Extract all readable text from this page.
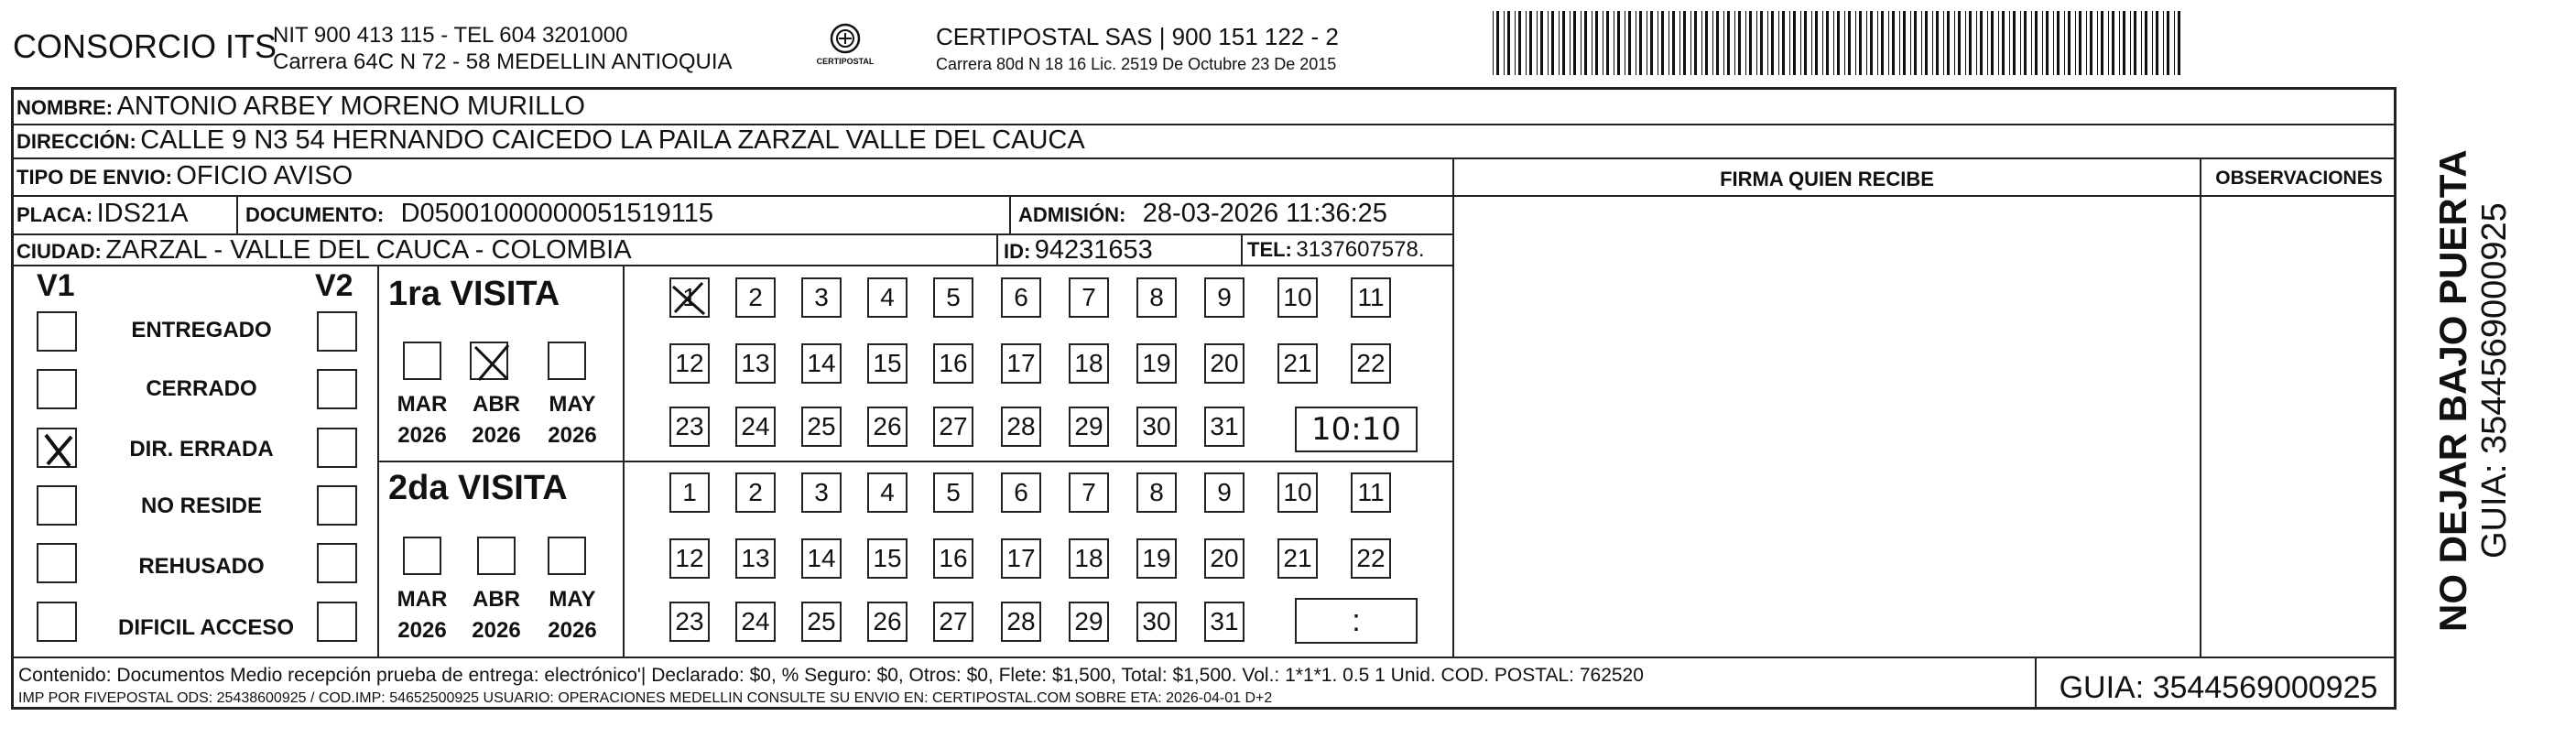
CONSORCIO ITS
NIT 900 413 115 - TEL 604 3201000
Carrera 64C N 72 - 58 MEDELLIN ANTIOQUIA	CERTIPOSTAL
CERTIPOSTAL SAS | 900 151 122 - 2
Carrera 80d N 18 16 Lic. 2519 De Octubre 23 De 2015
NOMBRE: ANTONIO ARBEY MORENO MURILLO
DIRECCIÓN: CALLE 9 N3 54 HERNANDO CAICEDO LA PAILA ZARZAL VALLE DEL CAUCA
TIPO DE ENVIO: OFICIO AVISO
PLACA: IDS21A	DOCUMENTO: D05001000000051519115	ADMISIÓN: 28-03-2026 11:36:25
CIUDAD: ZARZAL - VALLE DEL CAUCA - COLOMBIA	ID: 94231653	TEL: 3137607578.
FIRMA QUIEN RECIBE	OBSERVACIONES
V1	V2
ENTREGADO
CERRADO
DIR. ERRADA
NO RESIDE
REHUSADO
DIFICIL ACCESO
1ra VISITA
2da VISITA
MAR ABR MAY
2026 2026 2026
MAR ABR MAY
2026 2026 2026
1	2	3	4	5	6	7	8	9	10 11
12 13 14 15 16 17 18 19 20 21 22
23 24 25 26 27 28 29 30 31
1	2	3	4	5	6	7	8	9	10 11
12 13 14 15 16 17 18 19 20 21 22
23 24 25 26 27 28 29 30 31
10:10
:
Contenido: Documentos Medio recepción prueba de entrega: electrónico'| Declarado: $0, % Seguro: $0, Otros: $0, Flete: $1,500, Total: $1,500. Vol.: 1*1*1. 0.5 1 Unid. COD. POSTAL: 762520
IMP POR FIVEPOSTAL ODS: 25438600925 / COD.IMP: 54652500925 USUARIO: OPERACIONES MEDELLIN CONSULTE SU ENVIO EN: CERTIPOSTAL.COM SOBRE ETA: 2026-04-01 D+2	GUIA: 3544569000925
NO DEJAR BAJO PUERTA GUIA: 3544569000925
